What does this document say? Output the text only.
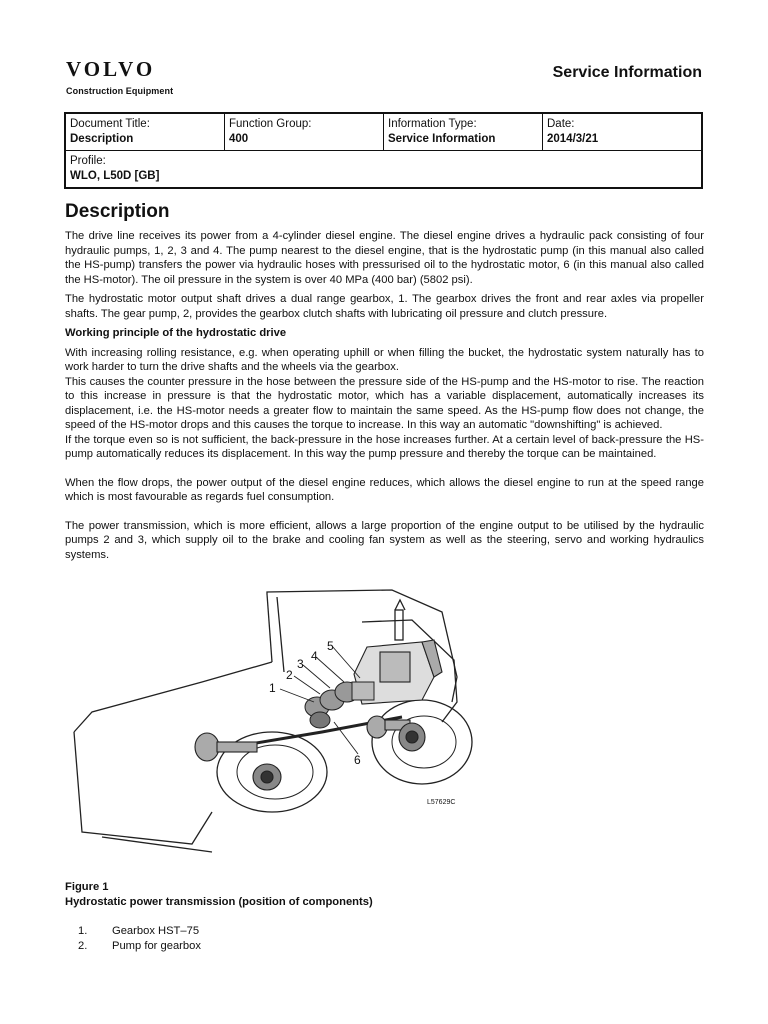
VOLVO
Construction Equipment
Service Information
Document Title:
Description

Function Group:
400

Information Type:
Service Information

Date:
2014/3/21

Profile:
WLO, L50D [GB]
Description

The drive line receives its power from a 4-cylinder diesel engine. The diesel engine drives a hydraulic pack consisting of four hydraulic pumps, 1, 2, 3 and 4. The pump nearest to the diesel engine, that is the hydrostatic pump (in this manual also called the HS-pump) transfers the power via hydraulic hoses with pressurised oil to the hydrostatic motor, 6 (in this manual also called the HS-motor). The oil pressure in the system is over 40 MPa (400 bar) (5802 psi).

The hydrostatic motor output shaft drives a dual range gearbox, 1. The gearbox drives the front and rear axles via propeller shafts. The gear pump, 2, provides the gearbox clutch shafts with lubricating oil pressure and clutch pressure.

Working principle of the hydrostatic drive

With increasing rolling resistance, e.g. when operating uphill or when filling the bucket, the hydrostatic system naturally has to work harder to turn the drive shafts and the wheels via the gearbox.

This causes the counter pressure in the hose between the pressure side of the HS-pump and the HS-motor to rise. The reaction to this increase in pressure is that the hydrostatic motor, which has a variable displacement, automatically increases its displacement, i.e. the HS-motor needs a greater flow to maintain the same speed. As the HS-pump flow does not change, the speed of the HS-motor drops and this causes the torque to increase. In this way an automatic "downshifting" is achieved.

If the torque even so is not sufficient, the back-pressure in the hose increases further. At a certain level of back-pressure the HS-pump automatically reduces its displacement. In this way the pump pressure and thereby the torque can be maintained.

When the flow drops, the power output of the diesel engine reduces, which allows the diesel engine to run at the speed range which is most favourable as regards fuel consumption.

The power transmission, which is more efficient, allows a large proportion of the engine output to be utilised by the hydraulic pumps 2 and 3, which supply oil to the brake and cooling fan system as well as the steering, servo and working hydraulics systems.

1
2
3
4
5
6
L57629C
Figure 1
Hydrostatic power transmission (position of components)
1.	Gearbox HST–75
2.	Pump for gearbox
